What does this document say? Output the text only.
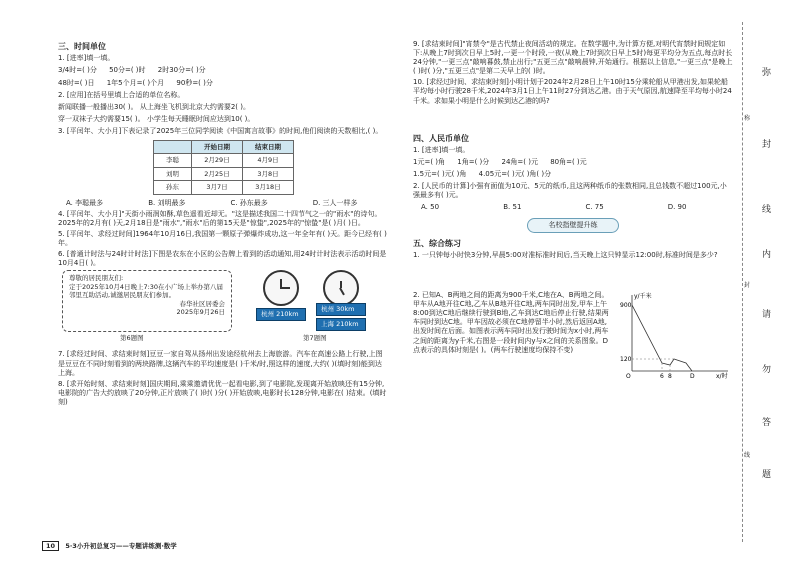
三、时间单位
1. [进率]填一填。
3/4时=( )分 50分=( )时 2时30分=( )分
48时=( )日 1年5个月=( )个月 90秒=( )分
2. [应用]在括号里填上合适的单位名称。
新闻联播一般播出30( )。 从上海坐飞机到北京大约需要2( )。
穿一双袜子大约需要15( )。 小学生每天睡眠时间应达到10( )。
3. [平闰年、大小月]下表记录了2025年三位同学阅读《中国寓言故事》的时间,他们阅读的天数相比,( )。
	开始日期	结束日期
李聪	2月29日	4月9日
刘明	2月25日	3月8日
孙东	3月7日	3月18日
A. 李聪最多	B. 刘明最多	C. 孙东最多	D. 三人一样多
4. [平闰年、大小月]"天街小雨润如酥,草色遥看近却无。"这是描述我国二十四节气之一的"雨水"的诗句。2025年的2月有( )天,2月18日是"雨水","雨水"后的第15天是"惊蛰",2025年的"惊蛰"是( )月( )日。
5. [平闰年、求经过时间]1964年10月16日,我国第一颗原子弹爆炸成功,这一年全年有( )天。距今已经有( )年。
6. [普通计时法与24时计时法]下图是农东在小区的公告牌上看到的活动通知,用24时计时法表示活动时间是10月4日( )。
尊敬的居民朋友们:
定于2025年10月4日晚上7:30在小广场上举办第八届邻里互助活动,诚邀居民朋友们参加。
春华社区居委会
2025年9月26日
第6题图
杭州 210km
杭州 30km
上海 210km
第7题图
7. [求经过时间、求结束时刻]豆豆一家自驾从扬州出发途经杭州去上海旅游。汽车在高速公路上行驶,上图是豆豆在不同时刻看到的两块路牌,这辆汽车的平均速度是( )千米/时,照这样的速度,大约( )(填时刻)能到达上海。
8. [求开始时刻、求结束时刻]国庆期间,乘乘邀请优优一起看电影,到了电影院,发现离开始放映还有15分钟,电影院的广告大约放映了20分钟,正片放映了( )时( )分( )开始放映,电影时长128分钟,电影在( )结束。(填时刻)
9. [求结束时间]"宵禁令"是古代禁止夜间活动的规定。在数学题中,为计算方便,对明代宵禁时间规定如下:从晚上7时到次日早上5时,一更一个时段,一夜(从晚上7时到次日早上5时)每更平均分为五点,每点时长24分钟,"一更三点"敲响暮鼓,禁止出行;"五更三点"敲响晨钟,开始通行。根据以上信息,"一更三点"是晚上( )时( )分,"五更三点"是第二天早上的( )时。
10. [求经过时间、求结束时刻]小明计划于2024年2月28日上午10时15分乘轮船从甲港出发,如果轮船平均每小时行驶28千米,2024年3月1日上午11时27分到达乙港。由于天气原因,航速降至平均每小时24千米。求如果小明是什么时候到达乙港的吗?
四、人民币单位
1. [进率]填一填。
1元=( )角 1角=( )分 24角=( )元 80角=( )元
1.5元=( )元( )角 4.05元=( )元( )角( )分
2. [人民币的计算]小强有面值为10元、5元的纸币,且这两种纸币的张数相同,且总钱数不超过100元,小强最多有( )元。
A. 50	B. 51	C. 75	D. 90
名校指壁提升练
五、综合练习
1. 一只钟每小时快3分钟,早晨5:00对准标准时间后,当天晚上这只钟显示12:00时,标准时间是多少?
2. 已知A、B两地之间的距离为900千米,C地在A、B两地之间。甲车从A地开往C地,乙车从B地开往C地,两车同时出发,甲车上午8:00到达C地后继续行驶到B地,乙车到达C地后停止行驶,结果两车同时到达C地。甲车因故必须在C地停留半小时,然后返回A地,出发时间在后面。如图表示两车同时出发行驶时间为x小时,两车之间的距离为y千米,右图是一段时间内y与x之间的关系图象。D点表示的具体时刻是( )。(两车行驶速度均保持不变)
y/千米
x/时
900
120
O	6 8	D
弥
封
线
内
请
勿
答
题
称
封
线
10 5·3小升初总复习——专题讲练测·数学
